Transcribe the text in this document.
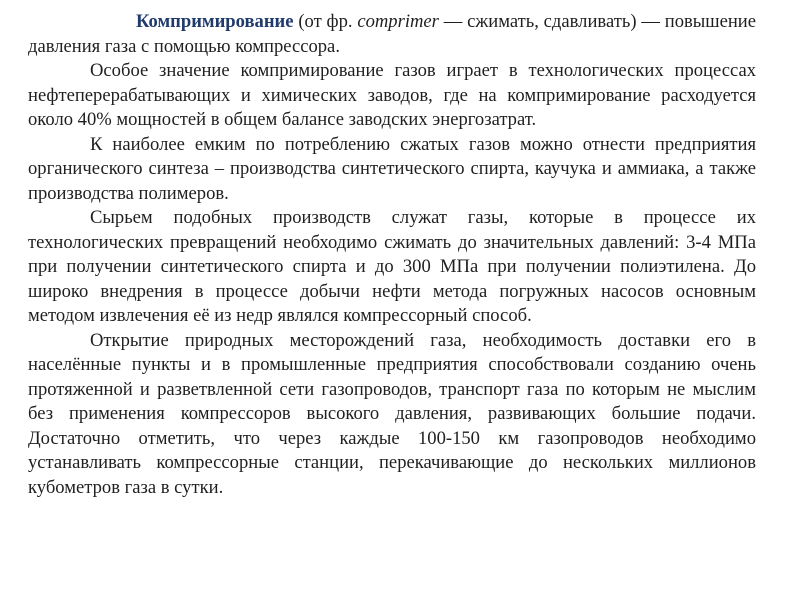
Компримирование (от фр. comprimer — сжимать, сдавливать) — повышение давления газа с помощью компрессора.

Особое значение компримирование газов играет в технологических процессах нефтеперерабатывающих и химических заводов, где на компримирование расходуется около 40% мощностей в общем балансе заводских энергозатрат.

К наиболее емким по потреблению сжатых газов можно отнести предприятия органического синтеза – производства синтетического спирта, каучука и аммиака, а также производства полимеров.

Сырьем подобных производств служат газы, которые в процессе их технологических превращений необходимо сжимать до значительных давлений: 3-4 МПа при получении синтетического спирта и до 300 МПа при получении полиэтилена. До широко внедрения в процессе добычи нефти метода погружных насосов основным методом извлечения её из недр являлся компрессорный способ.

Открытие природных месторождений газа, необходимость доставки его в населённые пункты и в промышленные предприятия способствовали созданию очень протяженной и разветвленной сети газопроводов, транспорт газа по которым не мыслим без применения компрессоров высокого давления, развивающих большие подачи. Достаточно отметить, что через каждые 100-150 км газопроводов необходимо устанавливать компрессорные станции, перекачивающие до нескольких миллионов кубометров газа в сутки.
